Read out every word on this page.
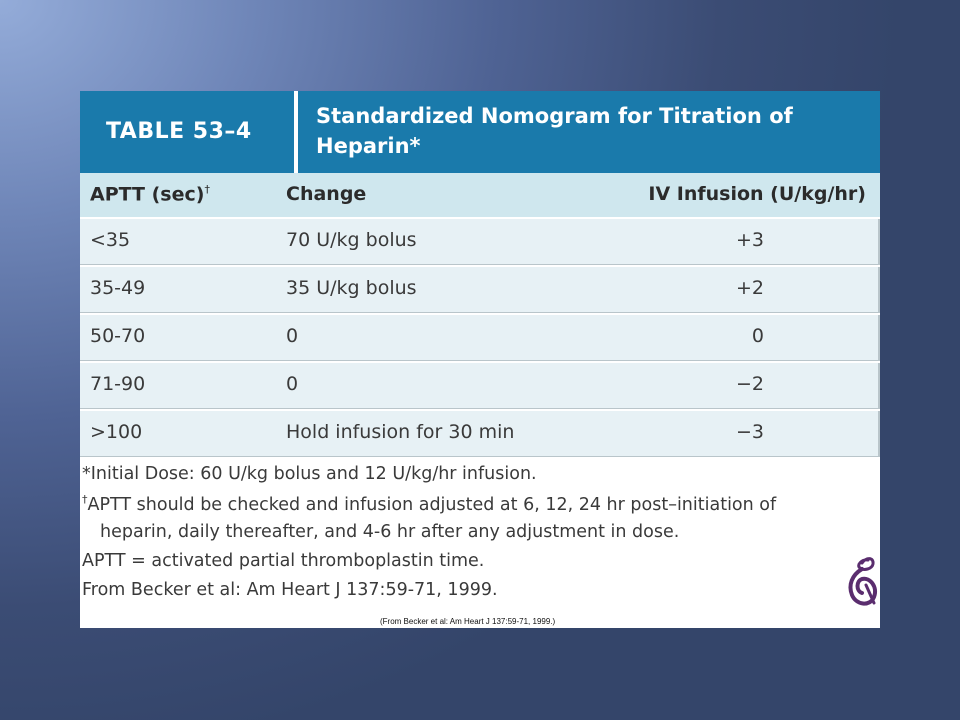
TABLE 53–4
Standardized Nomogram for Titration of Heparin*
APTT (sec)†	Change	IV Infusion (U/kg/hr)
<35	70 U/kg bolus	+3
35-49	35 U/kg bolus	+2
50-70	0	0
71-90	0	−2
>100	Hold infusion for 30 min	−3
*Initial Dose: 60 U/kg bolus and 12 U/kg/hr infusion.
†APTT should be checked and infusion adjusted at 6, 12, 24 hr post–initiation of
heparin, daily thereafter, and 4-6 hr after any adjustment in dose.
APTT = activated partial thromboplastin time.
From Becker et al: Am Heart J 137:59-71, 1999.
(From Becker et al: Am Heart J 137:59-71, 1999.)
